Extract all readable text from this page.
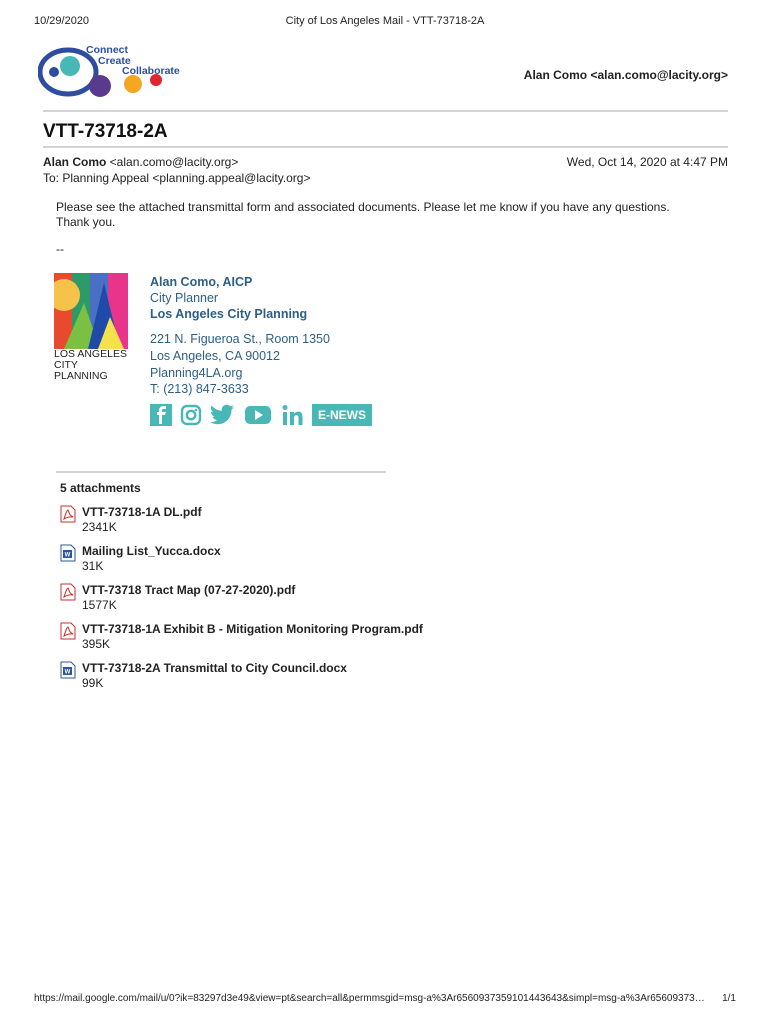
10/29/2020	City of Los Angeles Mail - VTT-73718-2A
Connect
Create
Collaborate	Alan Como <alan.como@lacity.org>
VTT-73718-2A
Alan Como <alan.como@lacity.org>
To: Planning Appeal <planning.appeal@lacity.org>
Wed, Oct 14, 2020 at 4:47 PM
Please see the attached transmittal form and associated documents. Please let me know if you have any questions.
Thank you.
--
LOS ANGELES
CITY PLANNING
Alan Como, AICP
City Planner
Los Angeles City Planning
221 N. Figueroa St., Room 1350
Los Angeles, CA 90012
Planning4LA.org
T: (213) 847-3633
E-NEWS
5 attachments
VTT-73718-1A DL.pdf
2341K
W Mailing List_Yucca.docx
31K
VTT-73718 Tract Map (07-27-2020).pdf
1577K
VTT-73718-1A Exhibit B - Mitigation Monitoring Program.pdf
395K
W VTT-73718-2A Transmittal to City Council.docx
99K
https://mail.google.com/mail/u/0?ik=83297d3e49&view=pt&search=all&permmsgid=msg-a%3Ar6560937359101443643&simpl=msg-a%3Ar65609373… 1/1
